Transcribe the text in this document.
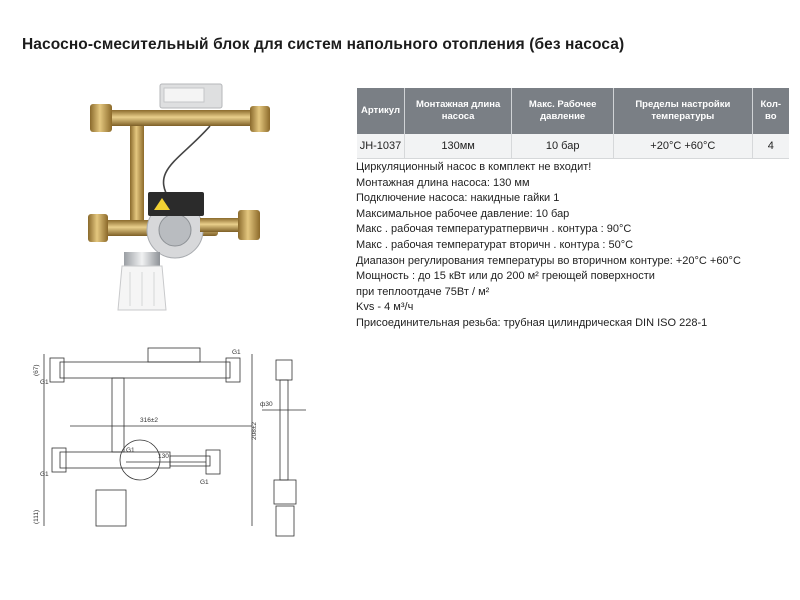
Насосно-смесительный блок для систем напольного отопления (без насоса)
(67)
316±2
130
208±2
(111)
ф30
G1
G1
G1
G1
G1
Артикул	Монтажная длина насоса	Макс. Рабочее давление	Пределы настройки температуры	Кол-во
JH-1037	130мм	10 бар	+20°C +60°C	4
Циркуляционный насос в комплект не входит!
Монтажная длина насоса: 130 мм
Подключение насоса: накидные гайки 1
Максимальное рабочее давление: 10 бар
Макс . рабочая температуратпервичн . контура : 90°C
Макс . рабочая температурат вторичн . контура : 50°C
Диапазон регулирования температуры во вторичном контуре: +20°C +60°C
Мощность : до 15 кВт или до 200 м² греющей поверхности
при теплоотдаче 75Вт / м²
Kvs - 4 м³/ч
Присоединительная резьба: трубная цилиндрическая DIN ISO 228-1
